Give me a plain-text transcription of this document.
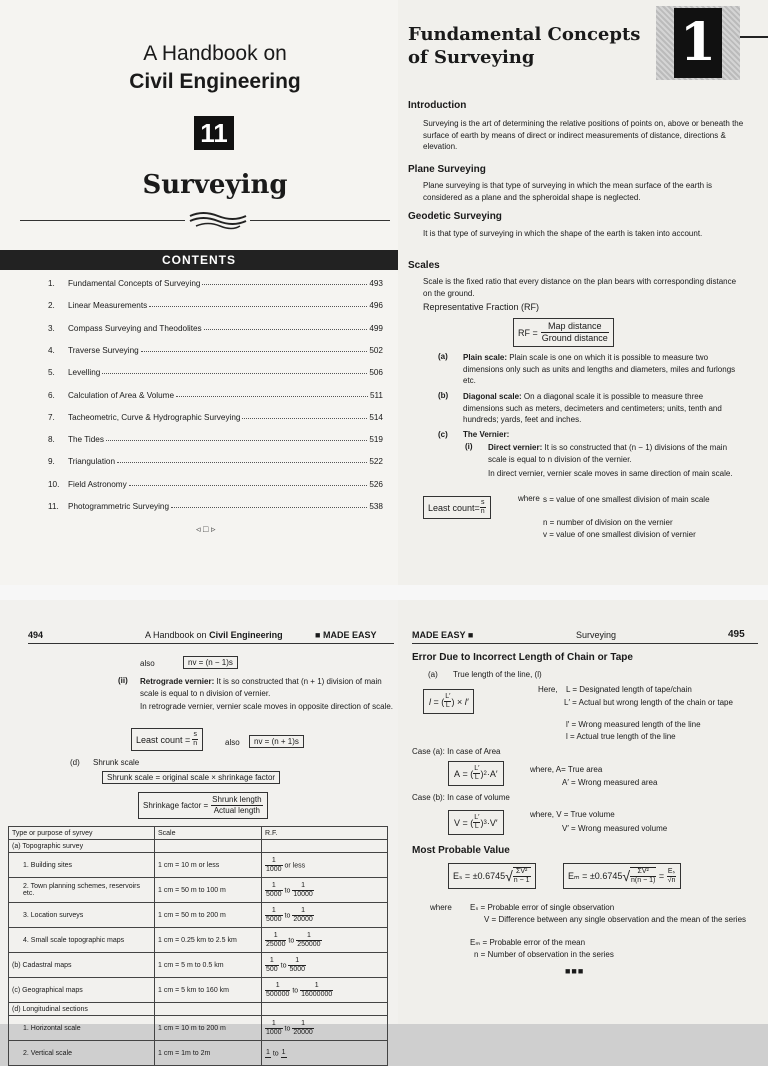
A Handbook on
Civil Engineering
11
Surveying
CONTENTS
1.	Fundamental Concepts of Surveying	493
2.	Linear Measurements	496
3.	Compass Surveying and Theodolites	499
4.	Traverse Surveying	502
5.	Levelling	506
6.	Calculation of Area & Volume	511
7.	Tacheometric, Curve & Hydrographic Surveying	514
8.	The Tides	519
9.	Triangulation	522
10.	Field Astronomy	526
11.	Photogrammetric Surveying	538
◃ □ ▹
Fundamental Concepts
of Surveying	1
Introduction
Surveying is the art of determining the relative positions of points on, above or beneath the surface of earth by means of direct or indirect measurements of distance, directions & elevation.
Plane Surveying
Plane surveying is that type of surveying in which the mean surface of the earth is considered as a plane and the spheroidal shape is neglected.
Geodetic Surveying
It is that type of surveying in which the shape of the earth is taken into account.
Scales
Scale is the fixed ratio that every distance on the plan bears with corresponding distance on the ground.
Representative Fraction (RF)
RF =
Map distance
Ground distance
(a) Plain scale: Plain scale is one on which it is possible to measure two dimensions only such as units and lengths and diameters, miles and furlongs etc.
(b) Diagonal scale: On a diagonal scale it is possible to measure three dimensions such as meters, decimeters and centimeters; units, tenth and hundreds; yards, feet and inches.
(c) The Vernier:
(i) Direct vernier: It is so constructed that (n − 1) divisions of the main scale is equal to n division of the vernier.
In direct vernier, vernier scale moves in same direction of main scale.
Least count= $\frac{s}{n}$
where s = value of one smallest division of main scale
n = number of division on the vernier
v = value of one smallest division of vernier
494	A Handbook on Civil Engineering	■ MADE EASY
also	nv = (n − 1)s
(ii) Retrograde vernier: It is so constructed that (n + 1) division of main scale is equal to n division of vernier.
In retrograde vernier, vernier scale moves in opposite direction of scale.
Least count = $\frac{s}{n}$	also	nv = (n + 1)s
(d) Shrunk scale
Shrunk scale = original scale × shrinkage factor
Shrinkage factor =
Shrunk length
Actual length
Type or purpose of syrvey	Scale	R.F.
(a) Topographic survey		
1. Building sites	1 cm = 10 m or less	$\frac{1}{1000}$ or less
2. Town planning schemes, reservoirs etc.	1 cm = 50 m to 100 m	$\frac{1}{5000}$ to $\frac{1}{10000}$

3. Location surveys	1 cm = 50 m to 200 m	$\frac{1}{5000}$ to $\frac{1}{20000}$

4. Small scale topographic maps	1 cm = 0.25 km to 2.5 km	$\frac{1}{25000}$ to $\frac{1}{250000}$

(b) Cadastral maps	1 cm = 5 m to 0.5 km	$\frac{1}{500}$ to $\frac{1}{5000}$

(c) Geographical maps	1 cm = 5 km to 160 km	$\frac{1}{500000}$ to $\frac{1}{16000000}$

(d) Longitudinal sections		
1. Horizontal scale	1 cm = 10 m to 200 m	$\frac{1}{1000}$ to $\frac{1}{20000}$

2. Vertical scale	1 cm = 1m to 2m	1 to 1
MADE EASY ■	Surveying	495
Error Due to Incorrect Length of Chain or Tape
(a) True length of the line, (l)
l = ( L′
L ) × l′
Here, L = Designated length of tape/chain
L′ = Actual but wrong length of the chain or tape
l′ = Wrong measured length of the line
l = Actual true length of the line
Case (a): In case of Area
A = ( L′
L ) 2 ·A′	where, A= True area
A′ = Wrong measured area
Case (b): In case of volume
V = ( L′
L ) 3 ·V′
where, V = True volume
V′ = Wrong measured volume
Most Probable Value
Eₛ = ±0.6745 √ ΣV²
n − 1	Eₘ = ±0.6745 √	ΣV²
n(n − 1) = Eₛ
√n
where Eₛ = Probable error of single observation
V = Difference between any single observation and the mean of the series
Eₘ = Probable error of the mean
n = Number of observation in the series
■■■
